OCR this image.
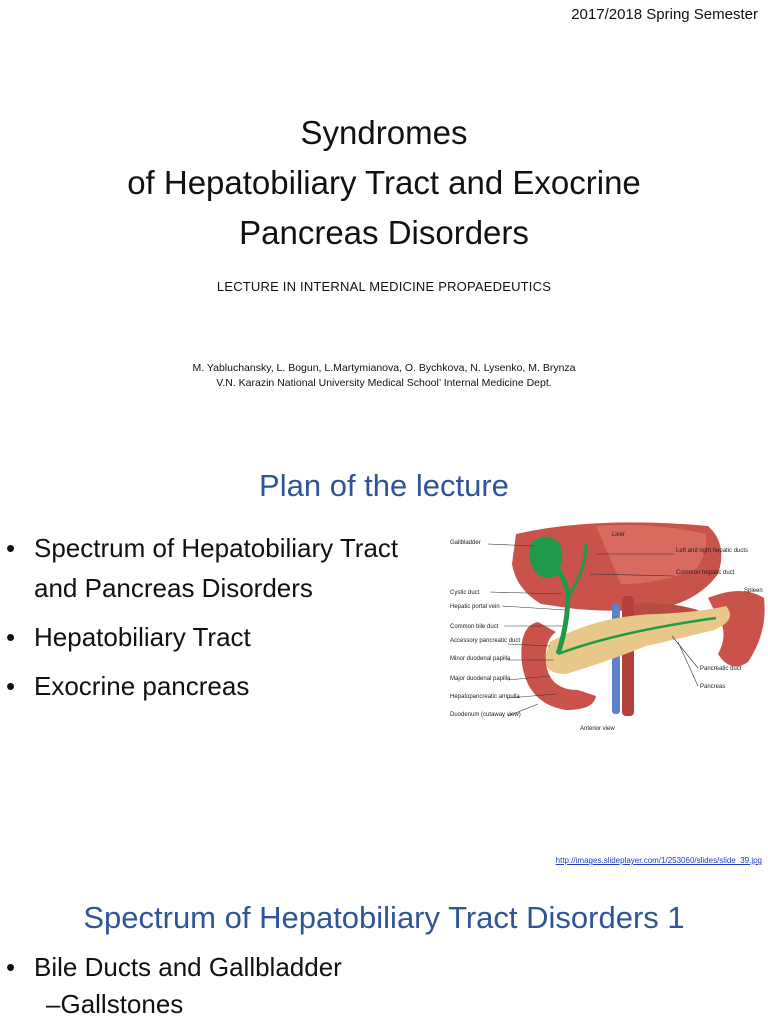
2017/2018 Spring Semester
Syndromes
of Hepatobiliary Tract and Exocrine
Pancreas Disorders
LECTURE IN INTERNAL MEDICINE PROPAEDEUTICS
M. Yabluchansky, L. Bogun, L.Martymianova, O. Bychkova, N. Lysenko, M. Brynza
V.N. Karazin National University Medical School’ Internal Medicine Dept.
Plan of the lecture
• Spectrum of Hepatobiliary Tract and Pancreas Disorders
• Hepatobiliary Tract
• Exocrine pancreas
Gallbladder
Liver
Left and right hepatic ducts
Common hepatic duct
Spleen
Cystic duct
Hepatic portal vein
Common bile duct
Accessory pancreatic duct
Minor duodenal papilla
Major duodenal papilla
Hepatopancreatic ampulla
Duodenum (cutaway view)
Pancreatic duct
Pancreas
Anterior view
http://images.slideplayer.com/1/253060/slides/slide_39.jpg
Spectrum of Hepatobiliary Tract Disorders 1
• Bile Ducts and Gallbladder
–Gallstones
